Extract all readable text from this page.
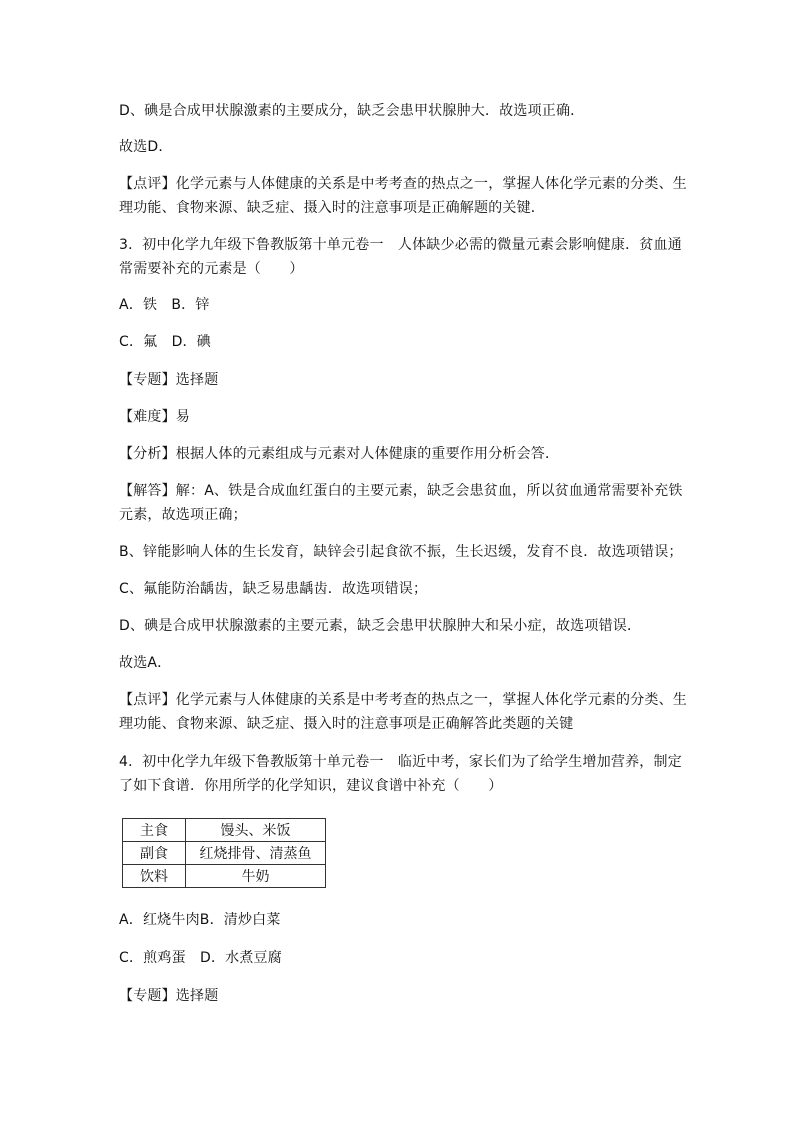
D、碘是合成甲状腺激素的主要成分，缺乏会患甲状腺肿大．故选项正确．
故选D．
【点评】化学元素与人体健康的关系是中考考查的热点之一，掌握人体化学元素的分类、生
理功能、食物来源、缺乏症、摄入时的注意事项是正确解题的关键．
3．初中化学九年级下鲁教版第十单元卷一　人体缺少必需的微量元素会影响健康．贫血通
常需要补充的元素是（　　）
A．铁　B．锌
C．氟　D．碘
【专题】选择题
【难度】易
【分析】根据人体的元素组成与元素对人体健康的重要作用分析会答．
【解答】解：A、铁是合成血红蛋白的主要元素，缺乏会患贫血，所以贫血通常需要补充铁
元素，故选项正确；
B、锌能影响人体的生长发育，缺锌会引起食欲不振，生长迟缓，发育不良．故选项错误；
C、氟能防治龋齿，缺乏易患龋齿．故选项错误；
D、碘是合成甲状腺激素的主要元素，缺乏会患甲状腺肿大和呆小症，故选项错误．
故选A．
【点评】化学元素与人体健康的关系是中考考查的热点之一，掌握人体化学元素的分类、生
理功能、食物来源、缺乏症、摄入时的注意事项是正确解答此类题的关键
4．初中化学九年级下鲁教版第十单元卷一　临近中考，家长们为了给学生增加营养，制定
了如下食谱．你用所学的化学知识，建议食谱中补充（　　）
主食	馒头、米饭
副食	红烧排骨、清蒸鱼
饮料	牛奶
A．红烧牛肉B．清炒白菜
C．煎鸡蛋　D．水煮豆腐
【专题】选择题
